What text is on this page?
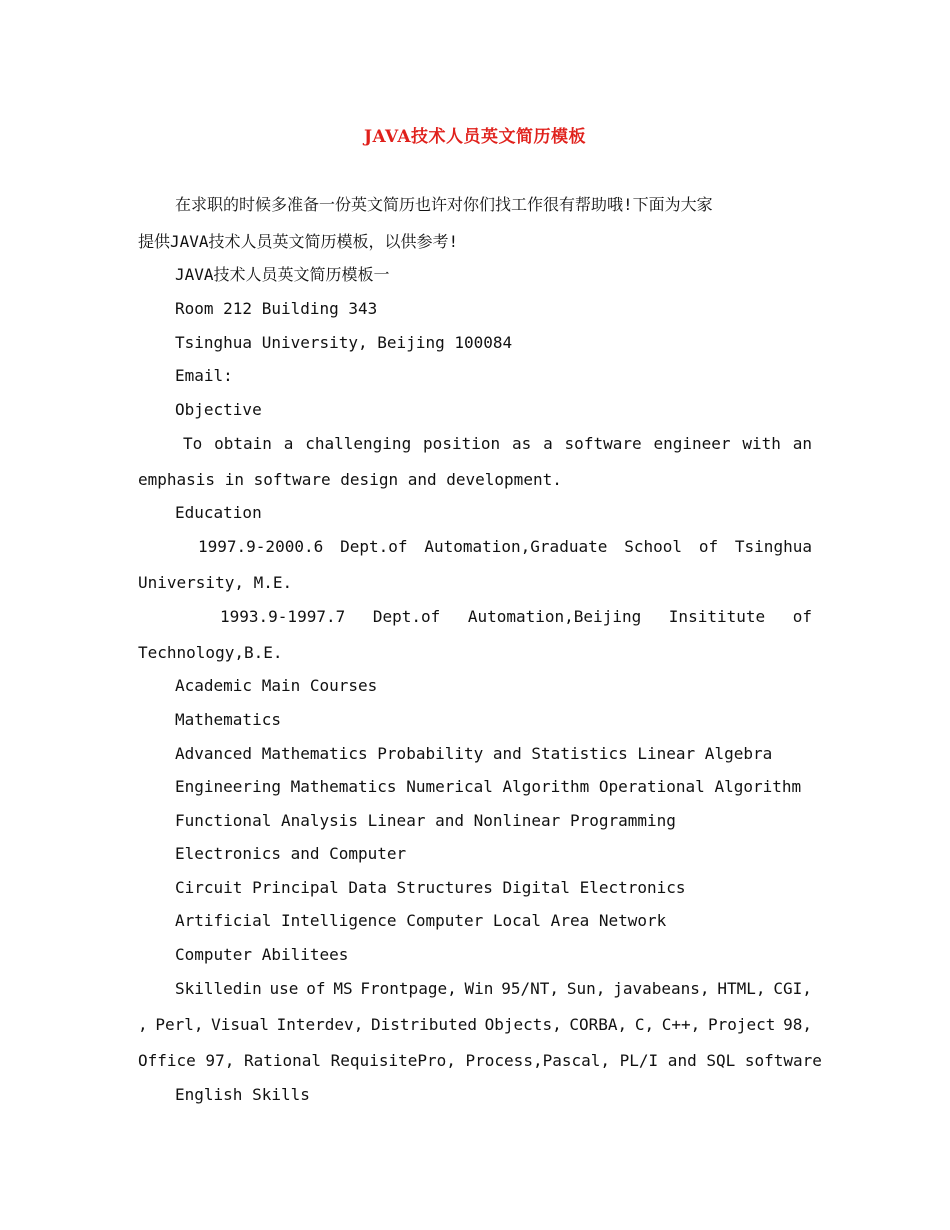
JAVA技术人员英文简历模板
在求职的时候多准备一份英文简历也许对你们找工作很有帮助哦!下面为大家
提供JAVA技术人员英文简历模板，以供参考!
JAVA技术人员英文简历模板一
Room 212 Building 343
Tsinghua University, Beijing 100084
Email:
Objective
To obtain a challenging position as a software engineer with an
emphasis in software design and development.
Education
1997.9-2000.6 Dept.of Automation,Graduate School of Tsinghua
University, M.E.
1993.9-1997.7 Dept.of Automation,Beijing Insititute of
Technology,B.E.
Academic Main Courses
Mathematics
Advanced Mathematics Probability and Statistics Linear Algebra
Engineering Mathematics Numerical Algorithm Operational Algorithm
Functional Analysis Linear and Nonlinear Programming
Electronics and Computer
Circuit Principal Data Structures Digital Electronics
Artificial Intelligence Computer Local Area Network
Computer Abilitees
Skilledin use of MS Frontpage, Win 95/NT, Sun, javabeans, HTML, CGI,
, Perl, Visual Interdev, Distributed Objects, CORBA, C, C++, Project 98,
Office 97, Rational RequisitePro, Process,Pascal, PL/I and SQL software
English Skills
